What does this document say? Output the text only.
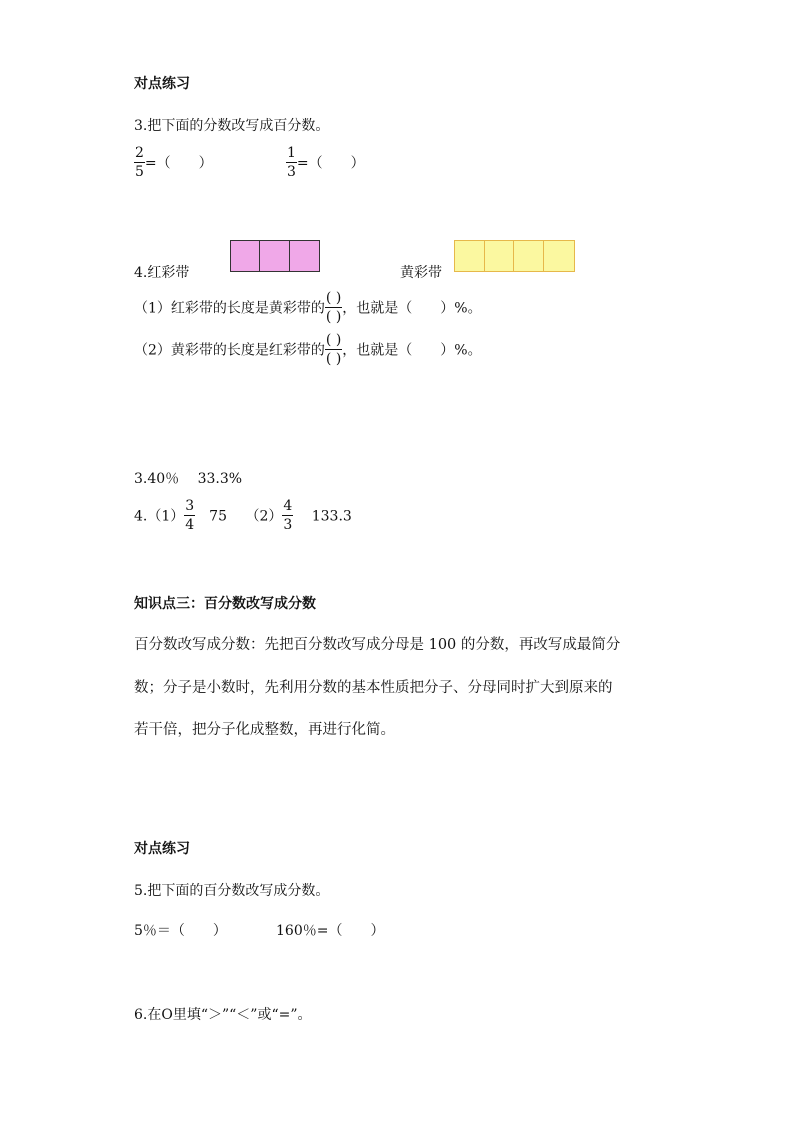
对点练习
3.把下面的分数改写成百分数。
$\frac{2}{5}$ =（　　）	$\frac{1}{3}$ =（　　）
4.红彩带	黄彩带
（1）红彩带的长度是黄彩带的 $\frac{( )}{( )}$ ，也就是（　　）%。
（2）黄彩带的长度是红彩带的 $\frac{( )}{( )}$ ，也就是（　　）%。
3.40％　 33.3%
$4.(1) \frac{3}{4}$ 　75　 $(2) \frac{4}{3}$ 　 133.3
知识点三：百分数改写成分数
百分数改写成分数：先把百分数改写成分母是 100 的分数，再改写成最简分
数；分子是小数时，先利用分数的基本性质把分子、分母同时扩大到原来的
若干倍，把分子化成整数，再进行化简。
对点练习
5.把下面的百分数改写成分数。
5％＝（　　）	160％=（　　）
6.在O里填“＞”“＜”或“=”。
